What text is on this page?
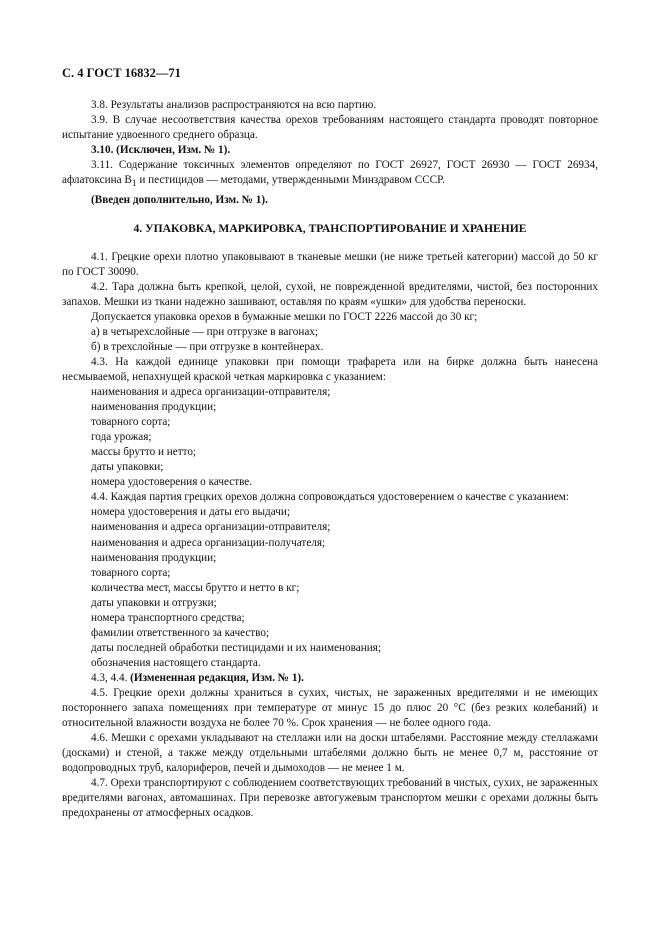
С. 4 ГОСТ 16832—71

3.8. Результаты анализов распространяются на всю партию.

3.9. В случае несоответствия качества орехов требованиям настоящего стандарта проводят повторное испытание удвоенного среднего образца.

3.10. (Исключен, Изм. № 1).

3.11. Содержание токсичных элементов определяют по ГОСТ 26927, ГОСТ 26930 — ГОСТ 26934, афлатоксина $B_1$ и пестицидов — методами, утвержденными Минздравом СССР.

(Введен дополнительно, Изм. № 1).

4. УПАКОВКА, МАРКИРОВКА, ТРАНСПОРТИРОВАНИЕ И ХРАНЕНИЕ

4.1. Грецкие орехи плотно упаковывают в тканевые мешки (не ниже третьей категории) массой до 50 кг по ГОСТ 30090.

4.2. Тара должна быть крепкой, целой, сухой, не поврежденной вредителями, чистой, без посторонних запахов. Мешки из ткани надежно зашивают, оставляя по краям «ушки» для удобства переноски.

Допускается упаковка орехов в бумажные мешки по ГОСТ 2226 массой до 30 кг;

а) в четырехслойные — при отгрузке в вагонах;

б) в трехслойные — при отгрузке в контейнерах.

4.3. На каждой единице упаковки при помощи трафарета или на бирке должна быть нанесена несмываемой, непахнущей краской четкая маркировка с указанием:

наименования и адреса организации-отправителя;

наименования продукции;

товарного сорта;

года урожая;

массы брутто и нетто;

даты упаковки;

номера удостоверения о качестве.

4.4. Каждая партия грецких орехов должна сопровождаться удостоверением о качестве с указанием:

номера удостоверения и даты его выдачи;

наименования и адреса организации-отправителя;

наименования и адреса организации-получателя;

наименования продукции;

товарного сорта;

количества мест, массы брутто и нетто в кг;

даты упаковки и отгрузки;

номера транспортного средства;

фамилии ответственного за качество;

даты последней обработки пестицидами и их наименования;

обозначения настоящего стандарта.

4.3, 4.4. (Измененная редакция, Изм. № 1).

4.5. Грецкие орехи должны храниться в сухих, чистых, не зараженных вредителями и не имеющих постороннего запаха помещениях при температуре от минус 15 до плюс 20 °C (без резких колебаний) и относительной влажности воздуха не более 70 %. Срок хранения — не более одного года.

4.6. Мешки с орехами укладывают на стеллажи или на доски штабелями. Расстояние между стеллажами (досками) и стеной, а также между отдельными штабелями должно быть не менее 0,7 м, расстояние от водопроводных труб, калориферов, печей и дымоходов — не менее 1 м.

4.7. Орехи транспортируют с соблюдением соответствующих требований в чистых, сухих, не зараженных вредителями вагонах, автомашинах. При перевозке автогужевым транспортом мешки с орехами должны быть предохранены от атмосферных осадков.
